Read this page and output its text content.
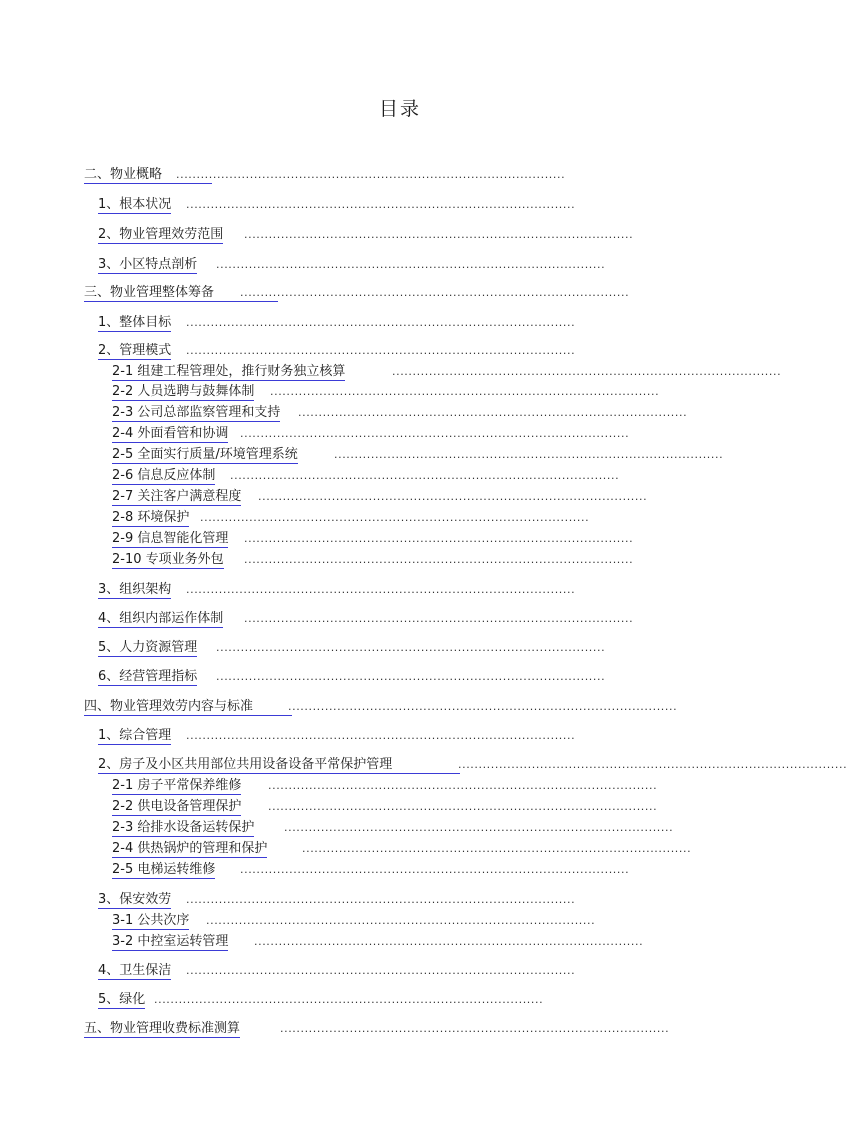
目录
二、物业概略 ...............................................................................................
1、根本状况 ...............................................................................................
2、物业管理效劳范围 ...............................................................................................
3、小区特点剖析 ...............................................................................................
三、物业管理整体筹备 ...............................................................................................
1、整体目标 ...............................................................................................
2、管理模式 ...............................................................................................
2-1 组建工程管理处，推行财务独立核算	...............................................................................................
2-2 人员选聘与鼓舞体制 ...............................................................................................
2-3 公司总部监察管理和支持 ...............................................................................................
2-4 外面看管和协调 ...............................................................................................
2-5 全面实行质量/环境管理系统	...............................................................................................
2-6 信息反应体制 ...............................................................................................
2-7 关注客户满意程度 ...............................................................................................
2-8 环境保护 ...............................................................................................
2-9 信息智能化管理 ...............................................................................................
2-10 专项业务外包 ...............................................................................................
3、组织架构 ...............................................................................................
4、组织内部运作体制 ...............................................................................................
5、人力资源管理 ...............................................................................................
6、经营管理指标 ...............................................................................................
四、物业管理效劳内容与标准	...............................................................................................
1、综合管理 ...............................................................................................
2、房子及小区共用部位共用设备设备平常保护管理	...............................................................................................
2-1 房子平常保养维修 ...............................................................................................
2-2 供电设备管理保护 ...............................................................................................
2-3 给排水设备运转保护	...............................................................................................
2-4 供热锅炉的管理和保护	...............................................................................................
2-5 电梯运转维修 ...............................................................................................
3、保安效劳 ...............................................................................................
3-1 公共次序 ...............................................................................................
3-2 中控室运转管理 ...............................................................................................
4、卫生保洁 ...............................................................................................
5、绿化 ...............................................................................................
五、物业管理收费标准测算	...............................................................................................
